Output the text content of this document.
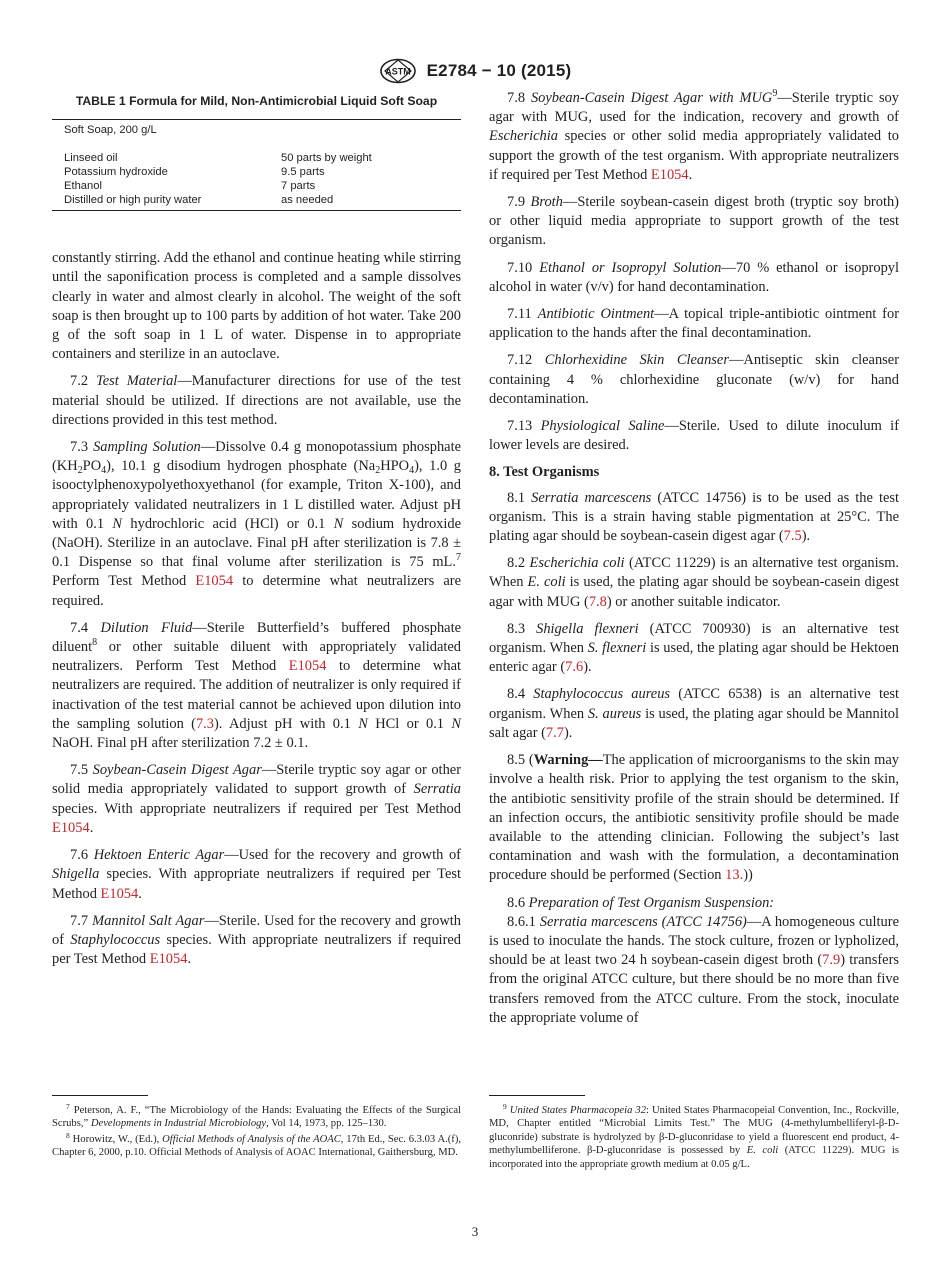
ASTM E2784 − 10 (2015)

TABLE 1 Formula for Mild, Non-Antimicrobial Liquid Soft Soap

Soft Soap, 200 g/L	
Linseed oil	50 parts by weight
Potassium hydroxide	9.5 parts
Ethanol	7 parts
Distilled or high purity water	as needed

constantly stirring. Add the ethanol and continue heating while stirring until the saponification process is completed and a sample dissolves clearly in water and almost clearly in alcohol. The weight of the soft soap is then brought up to 100 parts by addition of hot water. Take 200 g of the soft soap in 1 L of water. Dispense in to appropriate containers and sterilize in an autoclave.

7.2 Test Material—Manufacturer directions for use of the test material should be utilized. If directions are not available, use the directions provided in this test method.

7.3 Sampling Solution—Dissolve 0.4 g monopotassium phosphate $(KH_2PO_4)$, 10.1 g disodium hydrogen phosphate $(Na_2HPO_4)$, 1.0 g isooctylphenoxypolyethoxyethanol (for example, Triton X-100), and appropriately validated neutralizers in 1 L distilled water. Adjust pH with 0.1 N hydrochloric acid (HCl) or 0.1 N sodium hydroxide (NaOH). Sterilize in an autoclave. Final pH after sterilization is 7.8 ± 0.1 Dispense so that final volume after sterilization is 75 mL.$^7$ Perform Test Method E1054 to determine what neutralizers are required.

7.4 Dilution Fluid—Sterile Butterfield’s buffered phosphate diluent$^8$ or other suitable diluent with appropriately validated neutralizers. Perform Test Method E1054 to determine what neutralizers are required. The addition of neutralizer is only required if inactivation of the test material cannot be achieved upon dilution into the sampling solution (7.3). Adjust pH with 0.1 N HCl or 0.1 N NaOH. Final pH after sterilization 7.2 ± 0.1.

7.5 Soybean-Casein Digest Agar—Sterile tryptic soy agar or other solid media appropriately validated to support growth of Serratia species. With appropriate neutralizers if required per Test Method E1054.

7.6 Hektoen Enteric Agar—Used for the recovery and growth of Shigella species. With appropriate neutralizers if required per Test Method E1054.

7.7 Mannitol Salt Agar—Sterile. Used for the recovery and growth of Staphylococcus species. With appropriate neutralizers if required per Test Method E1054.

7.8 Soybean-Casein Digest Agar with MUG$^9$—Sterile tryptic soy agar with MUG, used for the indication, recovery and growth of Escherichia species or other solid media appropriately validated to support the growth of the test organism. With appropriate neutralizers if required per Test Method E1054.

7.9 Broth—Sterile soybean-casein digest broth (tryptic soy broth) or other liquid media appropriate to support growth of the test organism.

7.10 Ethanol or Isopropyl Solution—70 % ethanol or isopropyl alcohol in water (v/v) for hand decontamination.

7.11 Antibiotic Ointment—A topical triple-antibiotic ointment for application to the hands after the final decontamination.

7.12 Chlorhexidine Skin Cleanser—Antiseptic skin cleanser containing 4 % chlorhexidine gluconate (w/v) for hand decontamination.

7.13 Physiological Saline—Sterile. Used to dilute inoculum if lower levels are desired.

8. Test Organisms

8.1 Serratia marcescens (ATCC 14756) is to be used as the test organism. This is a strain having stable pigmentation at 25°C. The plating agar should be soybean-casein digest agar (7.5).

8.2 Escherichia coli (ATCC 11229) is an alternative test organism. When E. coli is used, the plating agar should be soybean-casein digest agar with MUG (7.8) or another suitable indicator.

8.3 Shigella flexneri (ATCC 700930) is an alternative test organism. When S. flexneri is used, the plating agar should be Hektoen enteric agar (7.6).

8.4 Staphylococcus aureus (ATCC 6538) is an alternative test organism. When S. aureus is used, the plating agar should be Mannitol salt agar (7.7).

8.5 (Warning—The application of microorganisms to the skin may involve a health risk. Prior to applying the test organism to the skin, the antibiotic sensitivity profile of the strain should be determined. If an infection occurs, the antibiotic sensitivity profile should be made available to the attending clinician. Following the subject’s last contamination and wash with the formulation, a decontamination procedure should be performed (Section 13.))

8.6 Preparation of Test Organism Suspension:

8.6.1 Serratia marcescens (ATCC 14756)—A homogeneous culture is used to inoculate the hands. The stock culture, frozen or lypholized, should be at least two 24 h soybean-casein digest broth (7.9) transfers from the original ATCC culture, but there should be no more than five transfers removed from the ATCC culture. From the stock, inoculate the appropriate volume of

$^7$ Peterson, A. F., “The Microbiology of the Hands: Evaluating the Effects of the Surgical Scrubs,” Developments in Industrial Microbiology, Vol 14, 1973, pp. 125–130.

$^8$ Horowitz, W., (Ed.), Official Methods of Analysis of the AOAC, 17th Ed., Sec. 6.3.03 A.(f), Chapter 6, 2000, p.10. Official Methods of Analysis of AOAC International, Gaithersburg, MD.

$^9$ United States Pharmacopeia 32: United States Pharmacopeial Convention, Inc., Rockville, MD, Chapter entitled “Microbial Limits Test.” The MUG (4-methylumbelliferyl-β-D-gluconride) substrate is hydrolyzed by β-D-gluconridase to yield a fluorescent end product, 4-methylumbelliferone. β-D-gluconridase is possessed by E. coli (ATCC 11229). MUG is incorporated into the appropriate growth medium at 0.05 g/L.

3
